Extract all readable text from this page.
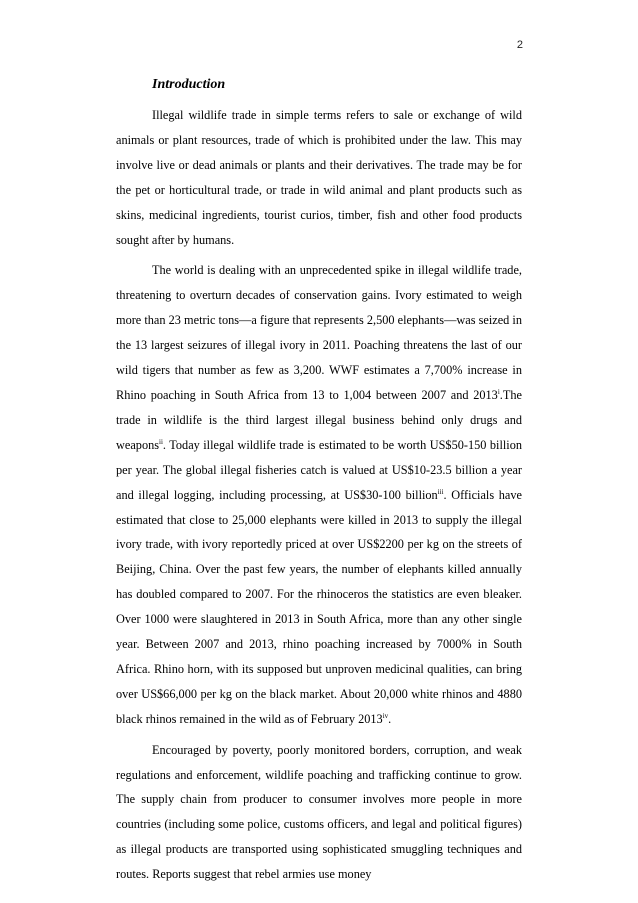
2
Introduction

Illegal wildlife trade in simple terms refers to sale or exchange of wild animals or plant resources, trade of which is prohibited under the law. This may involve live or dead animals or plants and their derivatives. The trade may be for the pet or horticultural trade, or trade in wild animal and plant products such as skins, medicinal ingredients, tourist curios, timber, fish and other food products sought after by humans.

The world is dealing with an unprecedented spike in illegal wildlife trade, threatening to overturn decades of conservation gains. Ivory estimated to weigh more than 23 metric tons—a figure that represents 2,500 elephants—was seized in the 13 largest seizures of illegal ivory in 2011. Poaching threatens the last of our wild tigers that number as few as 3,200. WWF estimates a 7,700% increase in Rhino poaching in South Africa from 13 to 1,004 between 2007 and 2013$^i$.The trade in wildlife is the third largest illegal business behind only drugs and weapons$^{ii}$. Today illegal wildlife trade is estimated to be worth US$50-150 billion per year. The global illegal fisheries catch is valued at US$10-23.5 billion a year and illegal logging, including processing, at US$30-100 billion$^{iii}$. Officials have estimated that close to 25,000 elephants were killed in 2013 to supply the illegal ivory trade, with ivory reportedly priced at over US$2200 per kg on the streets of Beijing, China. Over the past few years, the number of elephants killed annually has doubled compared to 2007. For the rhinoceros the statistics are even bleaker. Over 1000 were slaughtered in 2013 in South Africa, more than any other single year. Between 2007 and 2013, rhino poaching increased by 7000% in South Africa. Rhino horn, with its supposed but unproven medicinal qualities, can bring over US$66,000 per kg on the black market. About 20,000 white rhinos and 4880 black rhinos remained in the wild as of February 2013$^{iv}$.

Encouraged by poverty, poorly monitored borders, corruption, and weak regulations and enforcement, wildlife poaching and trafficking continue to grow. The supply chain from producer to consumer involves more people in more countries (including some police, customs officers, and legal and political figures) as illegal products are transported using sophisticated smuggling techniques and routes. Reports suggest that rebel armies use money
